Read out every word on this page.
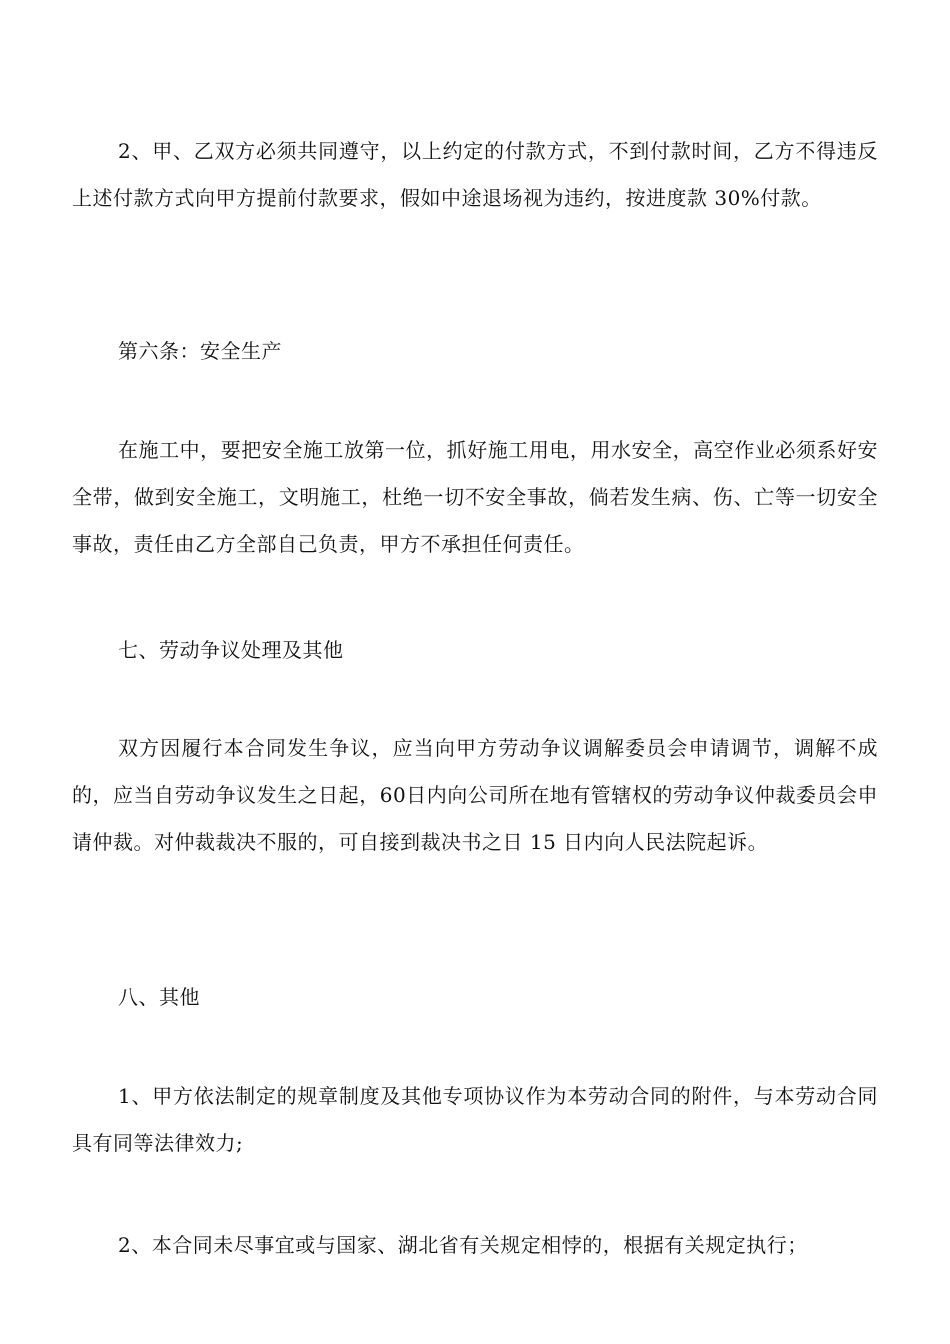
2、甲、乙双方必须共同遵守，以上约定的付款方式，不到付款时间，乙方不得违反上述付款方式向甲方提前付款要求，假如中途退场视为违约，按进度款 30%付款。

第六条：安全生产

在施工中，要把安全施工放第一位，抓好施工用电，用水安全，高空作业必须系好安全带，做到安全施工，文明施工，杜绝一切不安全事故，倘若发生病、伤、亡等一切安全事故，责任由乙方全部自己负责，甲方不承担任何责任。

七、劳动争议处理及其他

双方因履行本合同发生争议，应当向甲方劳动争议调解委员会申请调节，调解不成的，应当自劳动争议发生之日起，60日内向公司所在地有管辖权的劳动争议仲裁委员会申请仲裁。对仲裁裁决不服的，可自接到裁决书之日 15 日内向人民法院起诉。

八、其他

1、甲方依法制定的规章制度及其他专项协议作为本劳动合同的附件，与本劳动合同具有同等法律效力;

2、本合同未尽事宜或与国家、湖北省有关规定相悖的，根据有关规定执行；
